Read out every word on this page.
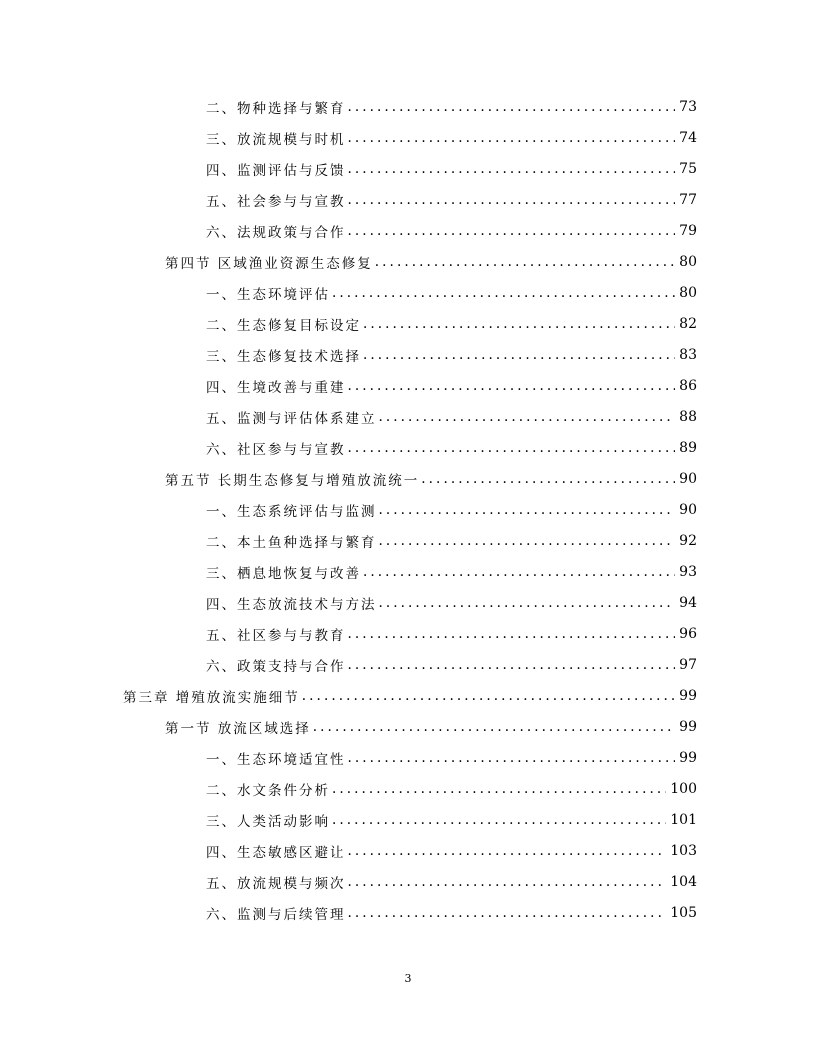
二、物种选择与繁育 . . .	73
三、放流规模与时机 . . .	74
四、监测评估与反馈 . . .	75
五、社会参与与宣教 . . .	77
六、法规政策与合作 . . .	79
第四节 区域渔业资源生态修复 . . .	80
一、生态环境评估 . . .	80
二、生态修复目标设定 . . .	82
三、生态修复技术选择 . . .	83
四、生境改善与重建 . . .	86
五、监测与评估体系建立 . . .	88
六、社区参与与宣教 . . .	89
第五节 长期生态修复与增殖放流统一 . . .	90
一、生态系统评估与监测 . . .	90
二、本土鱼种选择与繁育 . . .	92
三、栖息地恢复与改善 . . .	93
四、生态放流技术与方法 . . .	94
五、社区参与与教育 . . .	96
六、政策支持与合作 . . .	97
第三章 增殖放流实施细节 . . .	99
第一节 放流区域选择 . . .	99
一、生态环境适宜性 . . .	99
二、水文条件分析 . . .	100
三、人类活动影响 . . .	101
四、生态敏感区避让 . . .	103
五、放流规模与频次 . . .	104
六、监测与后续管理 . . .	105
3
